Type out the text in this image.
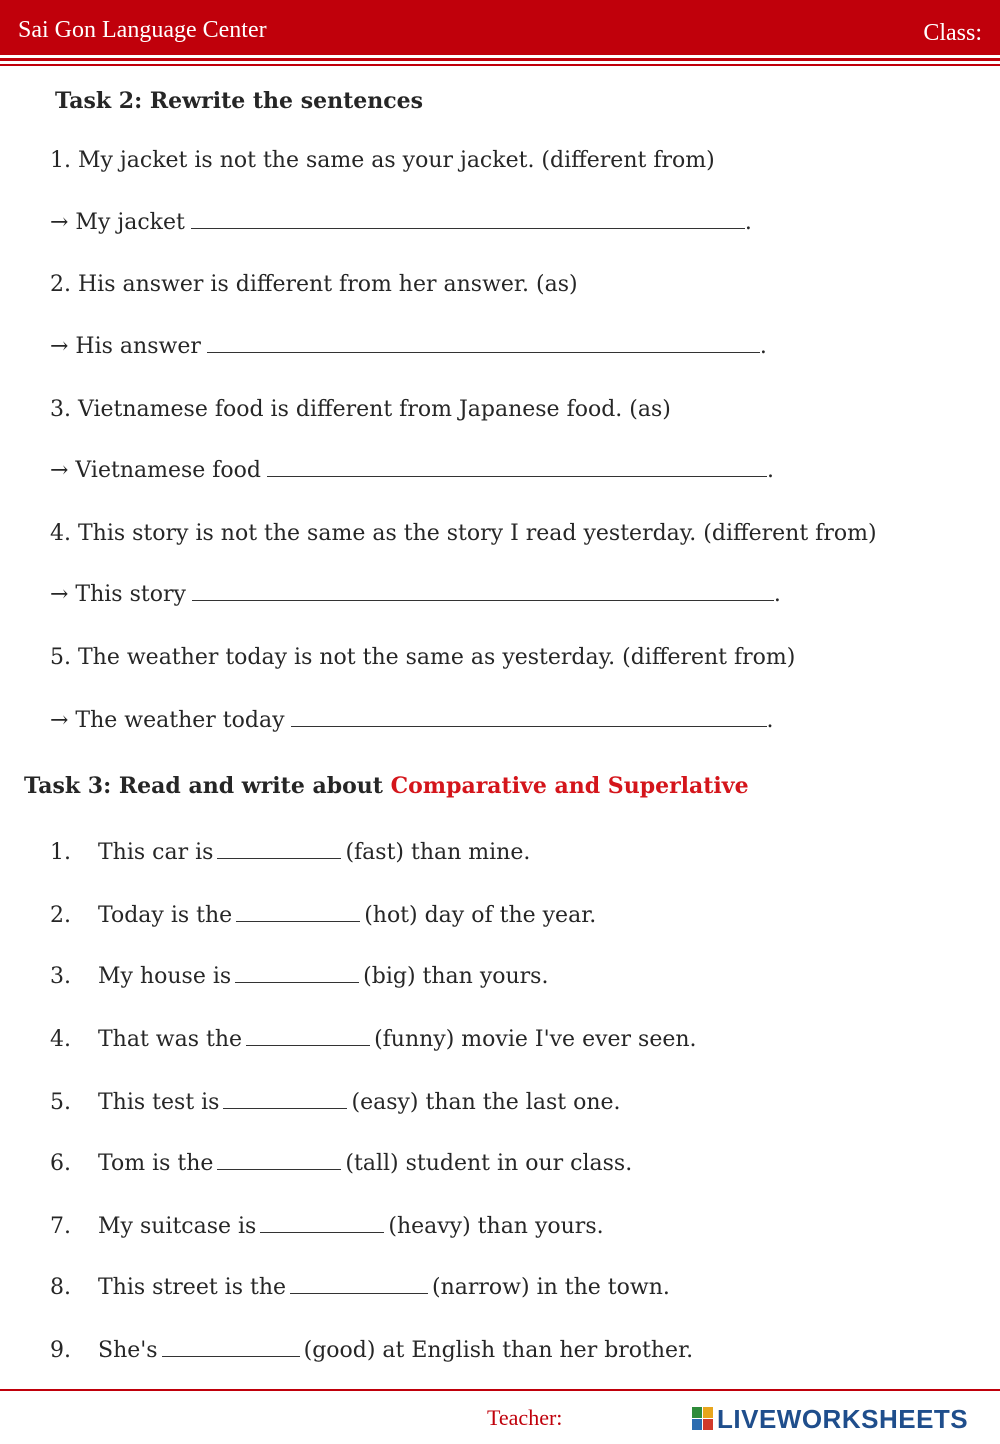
Sai Gon Language Center	Class:
Task 2: Rewrite the sentences
1. My jacket is not the same as your jacket. (different from)
→ My jacket	.
2. His answer is different from her answer. (as)
→ His answer	.
3. Vietnamese food is different from Japanese food. (as)
→ Vietnamese food	.
4. This story is not the same as the story I read yesterday. (different from)
→ This story	.
5. The weather today is not the same as yesterday. (different from)
→ The weather today	.
Task 3: Read and write about Comparative and Superlative
1. This car is	(fast) than mine.
2. Today is the	(hot) day of the year.
3. My house is	(big) than yours.
4. That was the	(funny) movie I've ever seen.
5. This test is	(easy) than the last one.
6. Tom is the	(tall) student in our class.
7. My suitcase is	(heavy) than yours.
8. This street is the	(narrow) in the town.
9. She's	(good) at English than her brother.
Teacher:	LIVEWORKSHEETS
